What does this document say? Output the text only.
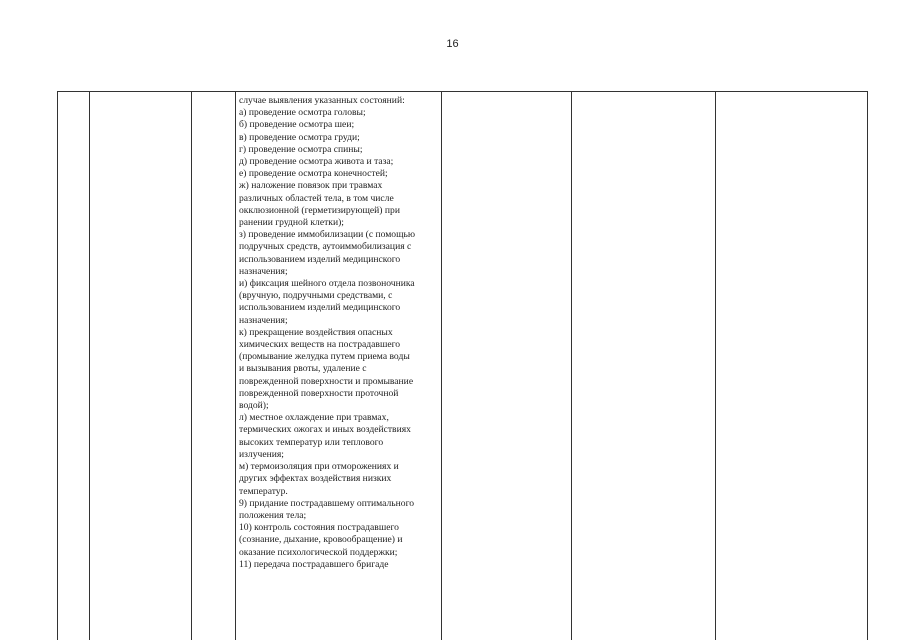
16
случае выявления указанных состояний:
а) проведение осмотра головы;
б) проведение осмотра шеи;
в) проведение осмотра груди;
г) проведение осмотра спины;
д) проведение осмотра живота и таза;
е) проведение осмотра конечностей;
ж) наложение повязок при травмах
различных областей тела, в том числе
окклюзионной (герметизирующей) при
ранении грудной клетки);
з) проведение иммобилизации (с помощью
подручных средств, аутоиммобилизация с
использованием изделий медицинского
назначения;
и) фиксация шейного отдела позвоночника
(вручную, подручными средствами, с
использованием изделий медицинского
назначения;
к) прекращение воздействия опасных
химических веществ на пострадавшего
(промывание желудка путем приема воды
и вызывания рвоты, удаление с
поврежденной поверхности и промывание
поврежденной поверхности проточной
водой);
л) местное охлаждение при травмах,
термических ожогах и иных воздействиях
высоких температур или теплового
излучения;
м) термоизоляция при отморожениях и
других эффектах воздействия низких
температур.
9) придание пострадавшему оптимального
положения тела;
10) контроль состояния пострадавшего
(сознание, дыхание, кровообращение) и
оказание психологической поддержки;
11) передача пострадавшего бригаде
